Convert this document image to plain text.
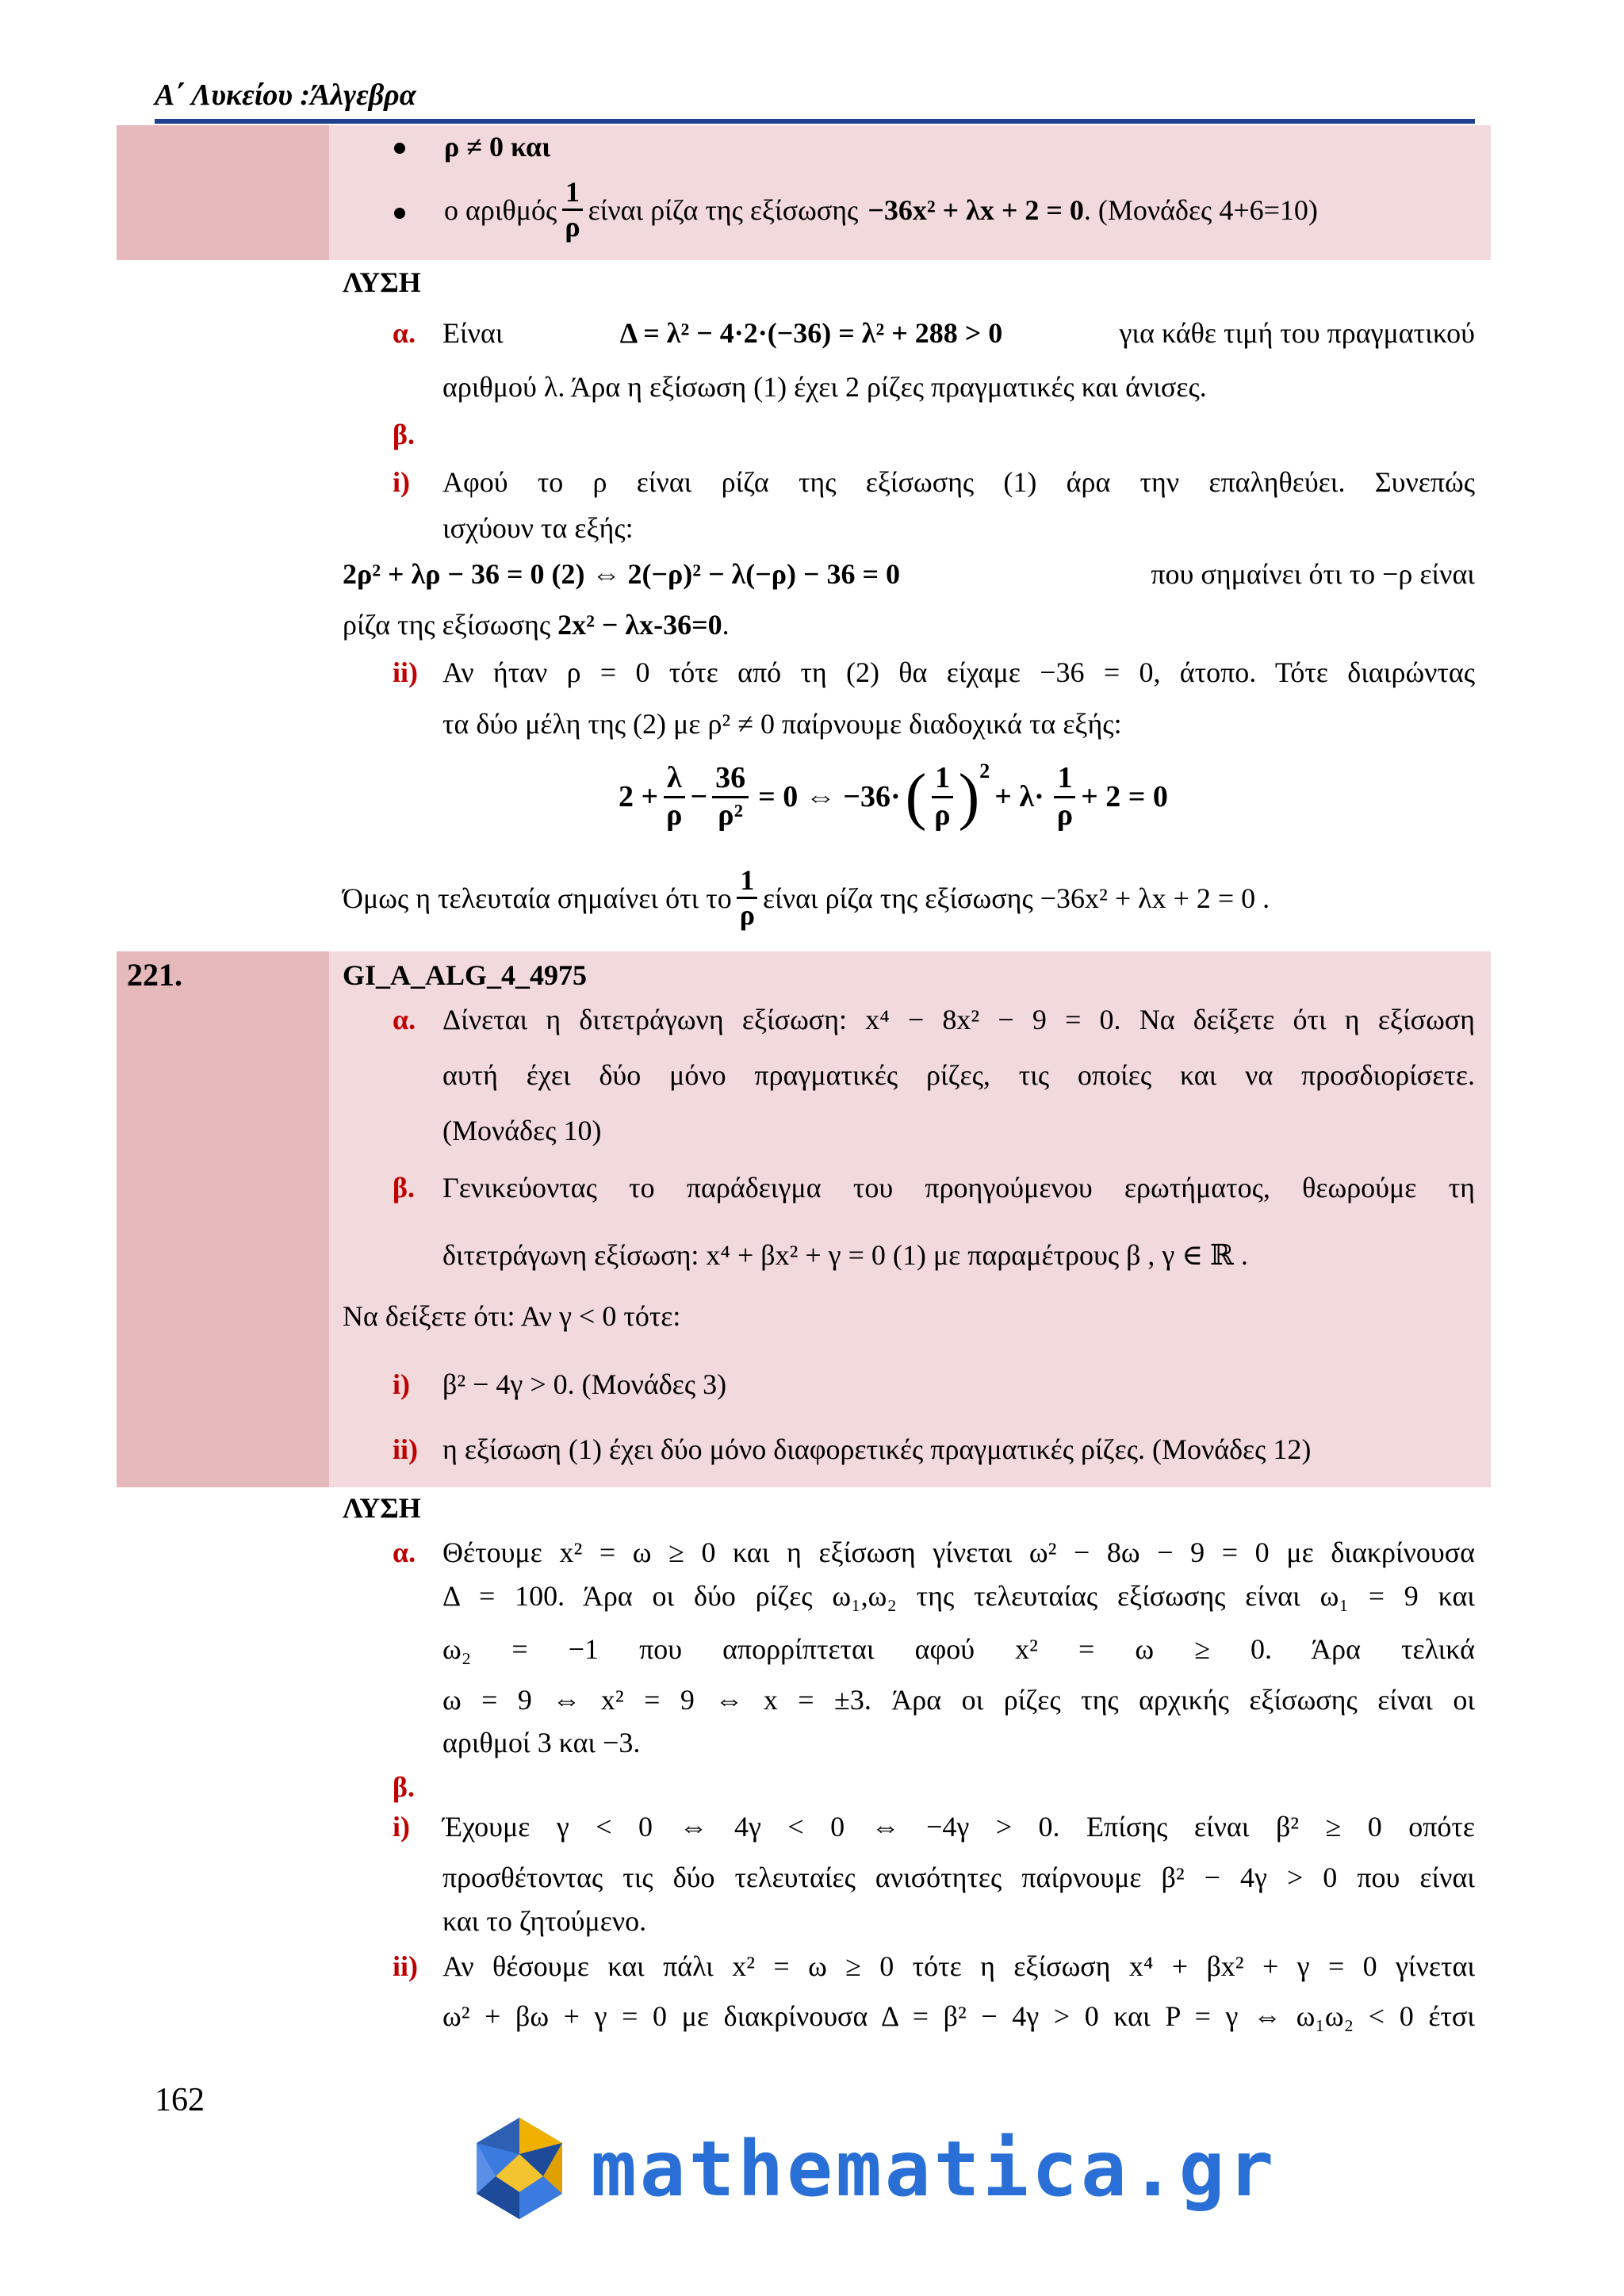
Α΄ Λυκείου :Άλγεβρα
ρ ≠ 0 και
ο αριθμός $\frac{1}{\rho}$ είναι ρίζα της εξίσωσης −36x² + λx + 2 = 0 . (Μονάδες 4+6=10)
ΛΥΣΗ
α. Είναι	Δ = λ² − 4·2·(−36) = λ² + 288 > 0	για κάθε τιμή του πραγματικού
αριθμού λ. Άρα η εξίσωση (1) έχει 2 ρίζες πραγματικές και άνισες.
β.
i) Αφού το ρ είναι ρίζα της εξίσωσης (1) άρα την επαληθεύει. Συνεπώς
ισχύουν τα εξής:
2ρ² + λρ − 36 = 0 (2) ⇔ 2(−ρ)² − λ(−ρ) − 36 = 0	που σημαίνει ότι το −ρ είναι
ρίζα της εξίσωσης 2x² − λx-36=0.
ii) Αν ήταν ρ = 0 τότε από τη (2) θα είχαμε −36 = 0, άτοπο. Τότε διαιρώντας
τα δύο μέλη της (2) με ρ² ≠ 0 παίρνουμε διαδοχικά τα εξής:
$2 + \frac{\lambda}{\rho} - \frac{36}{\text{ρ²}} = 0$ ⇔ −36· ( $\frac{1}{\rho} )^2$
+ $\lambda\cdot \frac{1}{\rho} + 2 = 0$
Όμως η τελευταία σημαίνει ότι το $\frac{1}{\rho}$ είναι ρίζα της εξίσωσης −36x² + λx + 2 = 0 .
221.	GI_A_ALG_4_4975
α. Δίνεται η διτετράγωνη εξίσωση: x⁴ − 8x² − 9 = 0. Να δείξετε ότι η εξίσωση
αυτή έχει δύο μόνο πραγματικές ρίζες, τις οποίες και να προσδιορίσετε.
(Μονάδες 10)
β. Γενικεύοντας το παράδειγμα του προηγούμενου ερωτήματος, θεωρούμε τη
διτετράγωνη εξίσωση: x⁴ + βx² + γ = 0 (1) με παραμέτρους β , γ ∈ ℝ .
Να δείξετε ότι: Αν γ < 0 τότε:
i) β² − 4γ > 0. (Μονάδες 3)
ii) η εξίσωση (1) έχει δύο μόνο διαφορετικές πραγματικές ρίζες. (Μονάδες 12)
ΛΥΣΗ
α. Θέτουμε x² = ω ≥ 0 και η εξίσωση γίνεται ω² − 8ω − 9 = 0 με διακρίνουσα
Δ = 100. Άρα οι δύο ρίζες ω₁,ω₂ της τελευταίας εξίσωσης είναι ω₁ = 9 και
ω₂ = −1 που απορρίπτεται αφού x² = ω ≥ 0. Άρα τελικά
ω = 9 ⇔ x² = 9 ⇔ x = ±3. Άρα οι ρίζες της αρχικής εξίσωσης είναι οι
αριθμοί 3 και −3.
β.
i) Έχουμε γ < 0 ⇔ 4γ < 0 ⇔ −4γ > 0. Επίσης είναι β² ≥ 0 οπότε
προσθέτοντας τις δύο τελευταίες ανισότητες παίρνουμε β² − 4γ > 0 που είναι
και το ζητούμενο.
ii) Αν θέσουμε και πάλι x² = ω ≥ 0 τότε η εξίσωση x⁴ + βx² + γ = 0 γίνεται
ω² + βω + γ = 0 με διακρίνουσα Δ = β² − 4γ > 0 και P = γ ⇔ ω₁ω₂ < 0 έτσι
162
mathematica.gr
